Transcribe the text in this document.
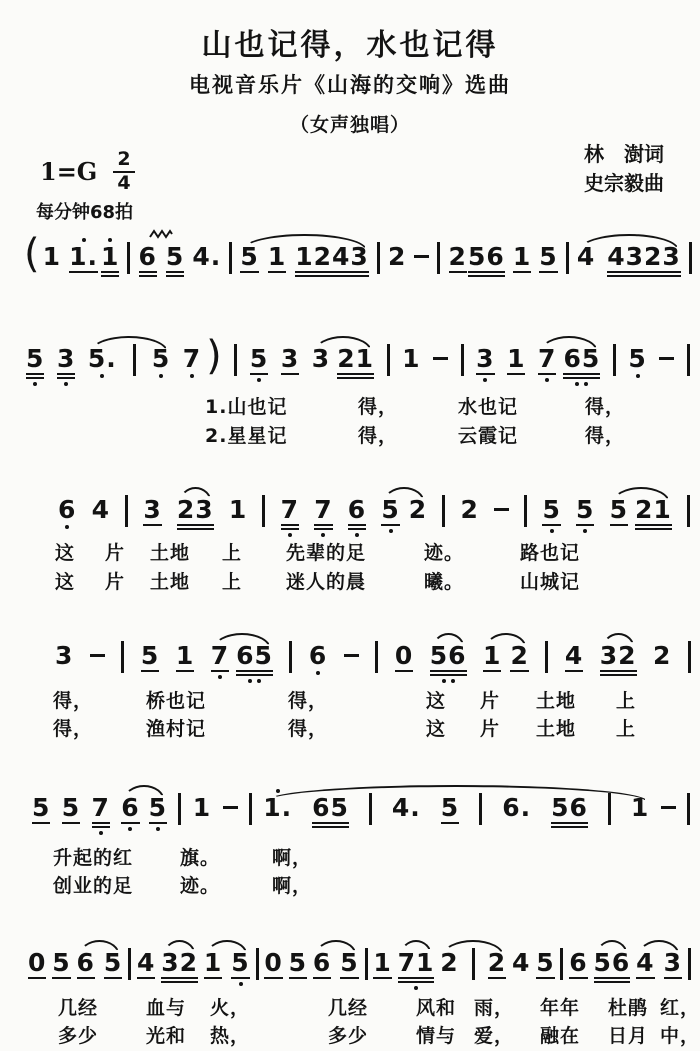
山也记得，水也记得
电视音乐片《山海的交响》选曲
（女声独唱）
$1=G \frac{2}{4}$	林　澍词
史宗毅曲
每分钟68拍
( 1 1. 1 6 5 4. 5 1 1243 2 2 56 1 5 4 4323
5 3 5. 5 7 ) 5 3 3 21 1 3 1 7 65 5
1.山也记	得，	水也记	得，
2.星星记	得，	云霞记	得，
6 4 3 23 1 7 7 6 5 2 2	5 5 5 21
这 片 土地 上 先辈的足	迹。	路也记
这 片 土地 上 迷人的晨	曦。	山城记
3	5 1 7 65 6	0 56 1 2 4 32 2
得，	桥也记	得，	这 片 土地 上
得，	渔村记	得，	这 片 土地 上
5 5 7 6 5 1 1. 65 4. 5 6. 56 1
升起的红 旗。	啊，
创业的足 迹。	啊，
0 5 6 5 4 32 1 5 0 5 6 5 1 71 2 2 4 5 6 56 4 3
几经	血与 火，	几经	风和 雨， 年年 杜鹃 红，
多少	光和 热，	多少	情与 爱， 融在 日月 中，
